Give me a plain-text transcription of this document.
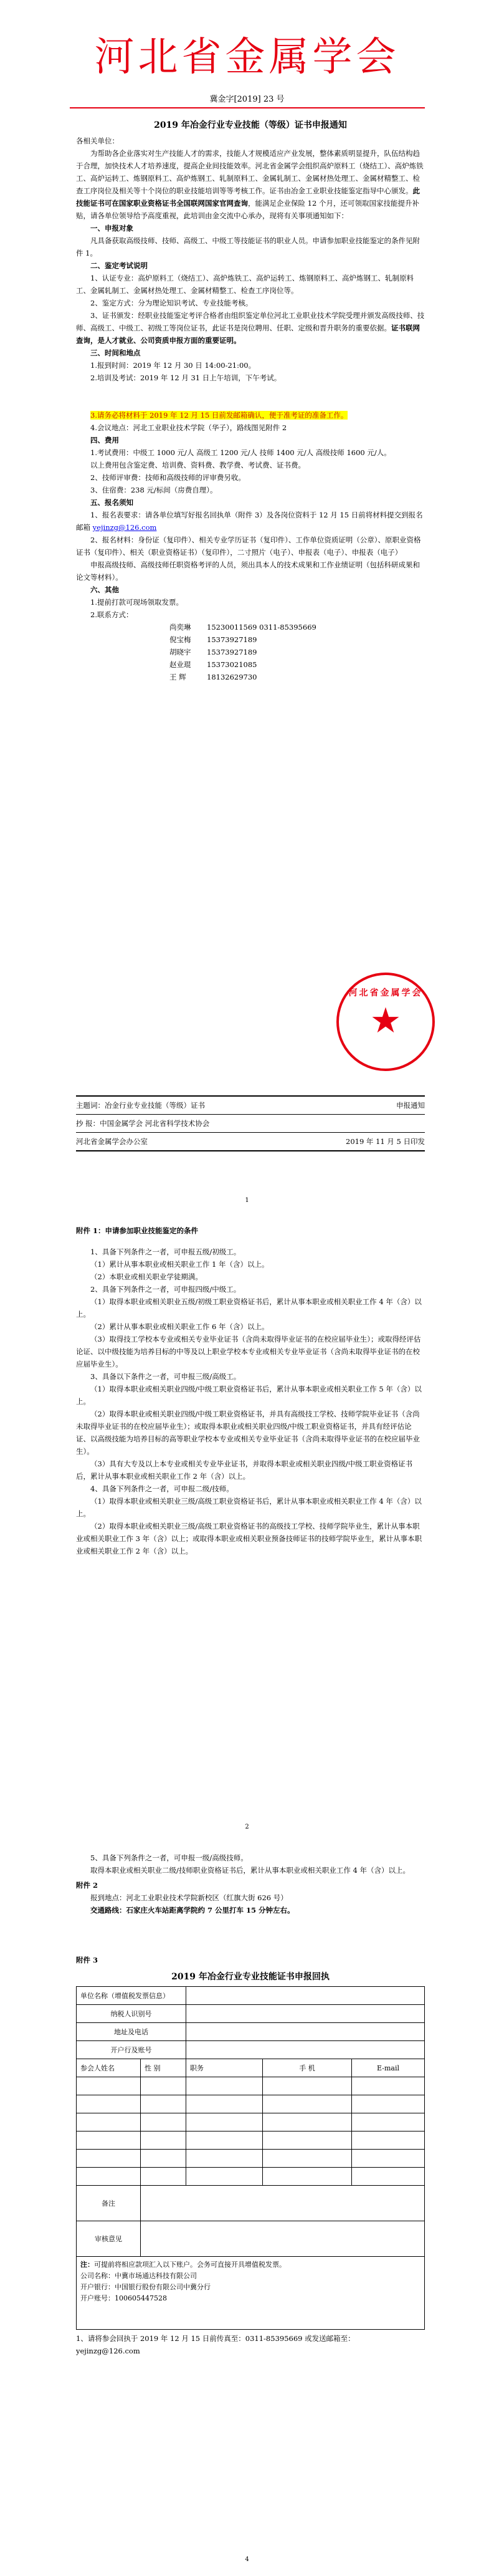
河北省金属学会
冀金字[2019] 23 号

2019 年冶金行业专业技能（等级）证书申报通知

各相关单位：

为帮助各企业落实对生产技能人才的需求，技能人才规模适应产业发展，整体素质明显提升，队伍结构趋于合理，加快技术人才培养速度，提高企业间技能效率。河北省金属学会组织高炉原料工（烧结工）、高炉炼铁工、高炉运转工、炼钢原料工、高炉炼钢工、轧制原料工、金属轧制工、金属材热处理工、金属材精整工、检查工序岗位及相关等十个岗位的职业技能培训等等考核工作。证书由冶金工业职业技能鉴定指导中心颁发。此技能证书可在国家职业资格证书全国联网国家官网查询，能满足企业保险 12 个月，还可领取国家技能提升补贴，请各单位领导给予高度重视，此培训由金交流中心承办，现将有关事项通知如下：

一、申报对象

凡具备获取高级技师、技师、高级工、中级工等技能证书的职业人员。申请参加职业技能鉴定的条件见附件 1。

二、鉴定考试说明

1、认证专业：高炉原料工（烧结工）、高炉炼铁工、高炉运转工、炼钢原料工、高炉炼钢工、轧制原料工、金属轧制工、金属材热处理工、金属材精整工、检查工序岗位等。

2、鉴定方式：分为理论知识考试、专业技能考核。

3、证书颁发：经职业技能鉴定考评合格者由组织鉴定单位河北工业职业技术学院受理并颁发高级技师、技师、高级工、中级工、初级工等岗位证书，此证书是岗位聘用、任职、定级和晋升职务的重要依据。证书联网查询，是人才就业、公司资质申报方面的重要证明。

三、时间和地点

1.报到时间：2019 年 12 月 30 日 14:00-21:00。

2.培训及考试：2019 年 12 月 31 日上午培训，下午考试。

3.请务必将材料于 2019 年 12 月 15 日前发邮箱确认，便于准考证的准备工作。

4.会议地点：河北工业职业技术学院（华子），路线图见附件 2

四、费用

1.考试费用：中级工 1000 元/人 高级工 1200 元/人 技师 1400 元/人 高级技师 1600 元/人。

以上费用包含鉴定费、培训费、资料费、教学费、考试费、证书费。

2、技师评审费：技师和高级技师的评审费另收。

3、住宿费：238 元/标间（房费自理）。

五、报名须知

1、报名表要求：请各单位填写好报名回执单（附件 3）及各岗位资料于 12 月 15 日前将材料提交到报名邮箱 yejinzg@126.com

2、报名材料：身份证（复印件）、相关专业学历证书（复印件）、工作单位资质证明（公章）、原职业资格证书（复印件）、相关（职业资格证书）（复印件），二寸照片（电子）、申报表（电子）、申报表（电子）

申报高级技师、高级技师任职资格考评的人员，须出具本人的技术成果和工作业绩证明（包括科研成果和论文等材料）。

六、其他

1.提前打款可现场领取发票。

2.联系方式：

尚奕琳	15230011569 0311-85395669
倪宝梅	15373927189
胡晓宇	15373927189
赵业琨	15373021085
王 辉	18132629730
河北省金属学会
★
主题词：冶金行业专业技能（等级）证书	申报通知
抄 报：中国金属学会 河北省科学技术协会
河北省金属学会办公室	2019 年 11 月 5 日印发
1

附件 1：申请参加职业技能鉴定的条件

1、具备下列条件之一者，可申报五级/初级工。

（1）累计从事本职业或相关职业工作 1 年（含）以上。

（2）本职业或相关职业学徒期满。

2、具备下列条件之一者，可申报四级/中级工。

（1）取得本职业或相关职业五级/初级工职业资格证书后，累计从事本职业或相关职业工作 4 年（含）以上。

（2）累计从事本职业或相关职业工作 6 年（含）以上。

（3）取得技工学校本专业或相关专业毕业证书（含尚未取得毕业证书的在校应届毕业生）；或取得经评估论证、以中级技能为培养目标的中等及以上职业学校本专业或相关专业毕业证书（含尚未取得毕业证书的在校应届毕业生）。

3、具备以下条件之一者，可申报三级/高级工。

（1）取得本职业或相关职业四级/中级工职业资格证书后，累计从事本职业或相关职业工作 5 年（含）以上。

（2）取得本职业或相关职业四级/中级工职业资格证书，并具有高级技工学校、技师学院毕业证书（含尚未取得毕业证书的在校应届毕业生）；或取得本职业或相关职业四级/中级工职业资格证书，并具有经评估论证、以高级技能为培养目标的高等职业学校本专业或相关专业毕业证书（含尚未取得毕业证书的在校应届毕业生）。

（3）具有大专及以上本专业或相关专业毕业证书，并取得本职业或相关职业四级/中级工职业资格证书后，累计从事本职业或相关职业工作 2 年（含）以上。

4、具备下列条件之一者，可申报二级/技师。

（1）取得本职业或相关职业三级/高级工职业资格证书后，累计从事本职业或相关职业工作 4 年（含）以上。

（2）取得本职业或相关职业三级/高级工职业资格证书的高级技工学校、技师学院毕业生，累计从事本职业或相关职业工作 3 年（含）以上；或取得本职业或相关职业预备技师证书的技师学院毕业生，累计从事本职业或相关职业工作 2 年（含）以上。

2

5、具备下列条件之一者，可申报一级/高级技师。

取得本职业或相关职业二级/技师职业资格证书后，累计从事本职业或相关职业工作 4 年（含）以上。

附件 2

报到地点：河北工业职业技术学院新校区（红旗大街 626 号）

交通路线：石家庄火车站距离学院约 7 公里打车 15 分钟左右。

附件 3

2019 年冶金行业专业技能证书申报回执

单位名称（增值税发票信息）				
纳税人识别号				
地址及电话				
开户行及账号				
参会人姓名	性 别	职务	手 机	E-mail

备注				
审核意见				

注：可提前将相应款项汇入以下账户。会务可直接开具增值税发票。
公司名称：中冀市场通达科技有限公司
开户银行：中国银行股份有限公司中冀分行
开户账号：100605447528				

1、请将参会回执于 2019 年 12 月 15 日前传真至：0311-85395669 或发送邮箱至：

yejinzg@126.com

4
